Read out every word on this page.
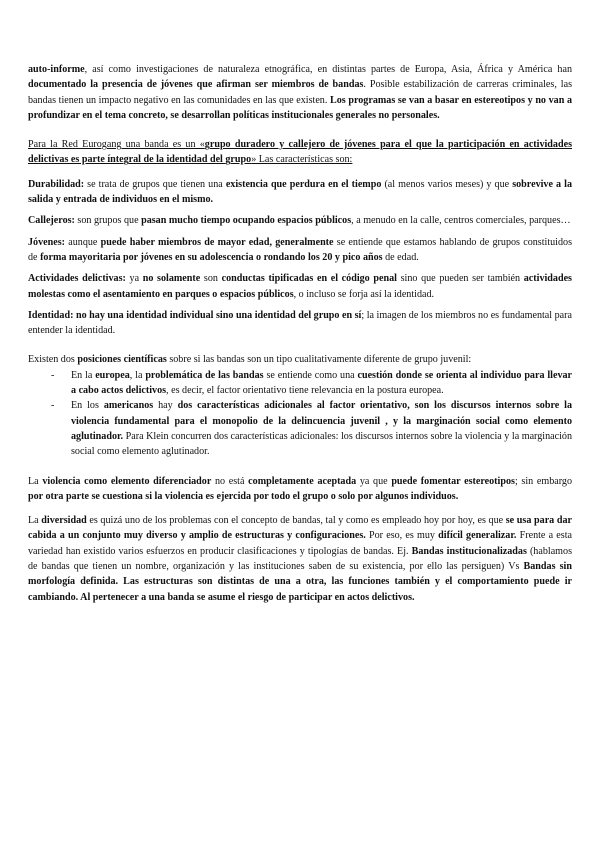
auto-informe, así como investigaciones de naturaleza etnográfica, en distintas partes de Europa, Asia, África y América han documentado la presencia de jóvenes que afirman ser miembros de bandas. Posible estabilización de carreras criminales, las bandas tienen un impacto negativo en las comunidades en las que existen. Los programas se van a basar en estereotipos y no van a profundizar en el tema concreto, se desarrollan políticas institucionales generales no personales.

Para la Red Eurogang una banda es un «grupo duradero y callejero de jóvenes para el que la participación en actividades delictivas es parte íntegral de la identidad del grupo» Las características son:

Durabilidad: se trata de grupos que tienen una existencia que perdura en el tiempo (al menos varios meses) y que sobrevive a la salida y entrada de individuos en el mismo.

Callejeros: son grupos que pasan mucho tiempo ocupando espacios públicos, a menudo en la calle, centros comerciales, parques…

Jóvenes: aunque puede haber miembros de mayor edad, generalmente se entiende que estamos hablando de grupos constituidos de forma mayoritaria por jóvenes en su adolescencia o rondando los 20 y pico años de edad.

Actividades delictivas: ya no solamente son conductas tipificadas en el código penal sino que pueden ser también actividades molestas como el asentamiento en parques o espacios públicos, o incluso se forja así la identidad.

Identidad: no hay una identidad individual sino una identidad del grupo en sí; la imagen de los miembros no es fundamental para entender la identidad.

Existen dos posiciones científicas sobre si las bandas son un tipo cualitativamente diferente de grupo juvenil:

- En la europea, la problemática de las bandas se entiende como una cuestión donde se orienta al individuo para llevar a cabo actos delictivos, es decir, el factor orientativo tiene relevancia en la postura europea.
- En los americanos hay dos características adicionales al factor orientativo, son los discursos internos sobre la violencia fundamental para el monopolio de la delincuencia juvenil , y la marginación social como elemento aglutinador. Para Klein concurren dos características adicionales: los discursos internos sobre la violencia y la marginación social como elemento aglutinador.

La violencia como elemento diferenciador no está completamente aceptada ya que puede fomentar estereotipos; sin embargo por otra parte se cuestiona si la violencia es ejercida por todo el grupo o solo por algunos individuos.

La diversidad es quizá uno de los problemas con el concepto de bandas, tal y como es empleado hoy por hoy, es que se usa para dar cabida a un conjunto muy diverso y amplio de estructuras y configuraciones. Por eso, es muy difícil generalizar. Frente a esta variedad han existido varios esfuerzos en producir clasificaciones y tipologías de bandas. Ej. Bandas institucionalizadas (hablamos de bandas que tienen un nombre, organización y las instituciones saben de su existencia, por ello las persiguen) Vs Bandas sin morfología definida. Las estructuras son distintas de una a otra, las funciones también y el comportamiento puede ir cambiando. Al pertenecer a una banda se asume el riesgo de participar en actos delictivos.
